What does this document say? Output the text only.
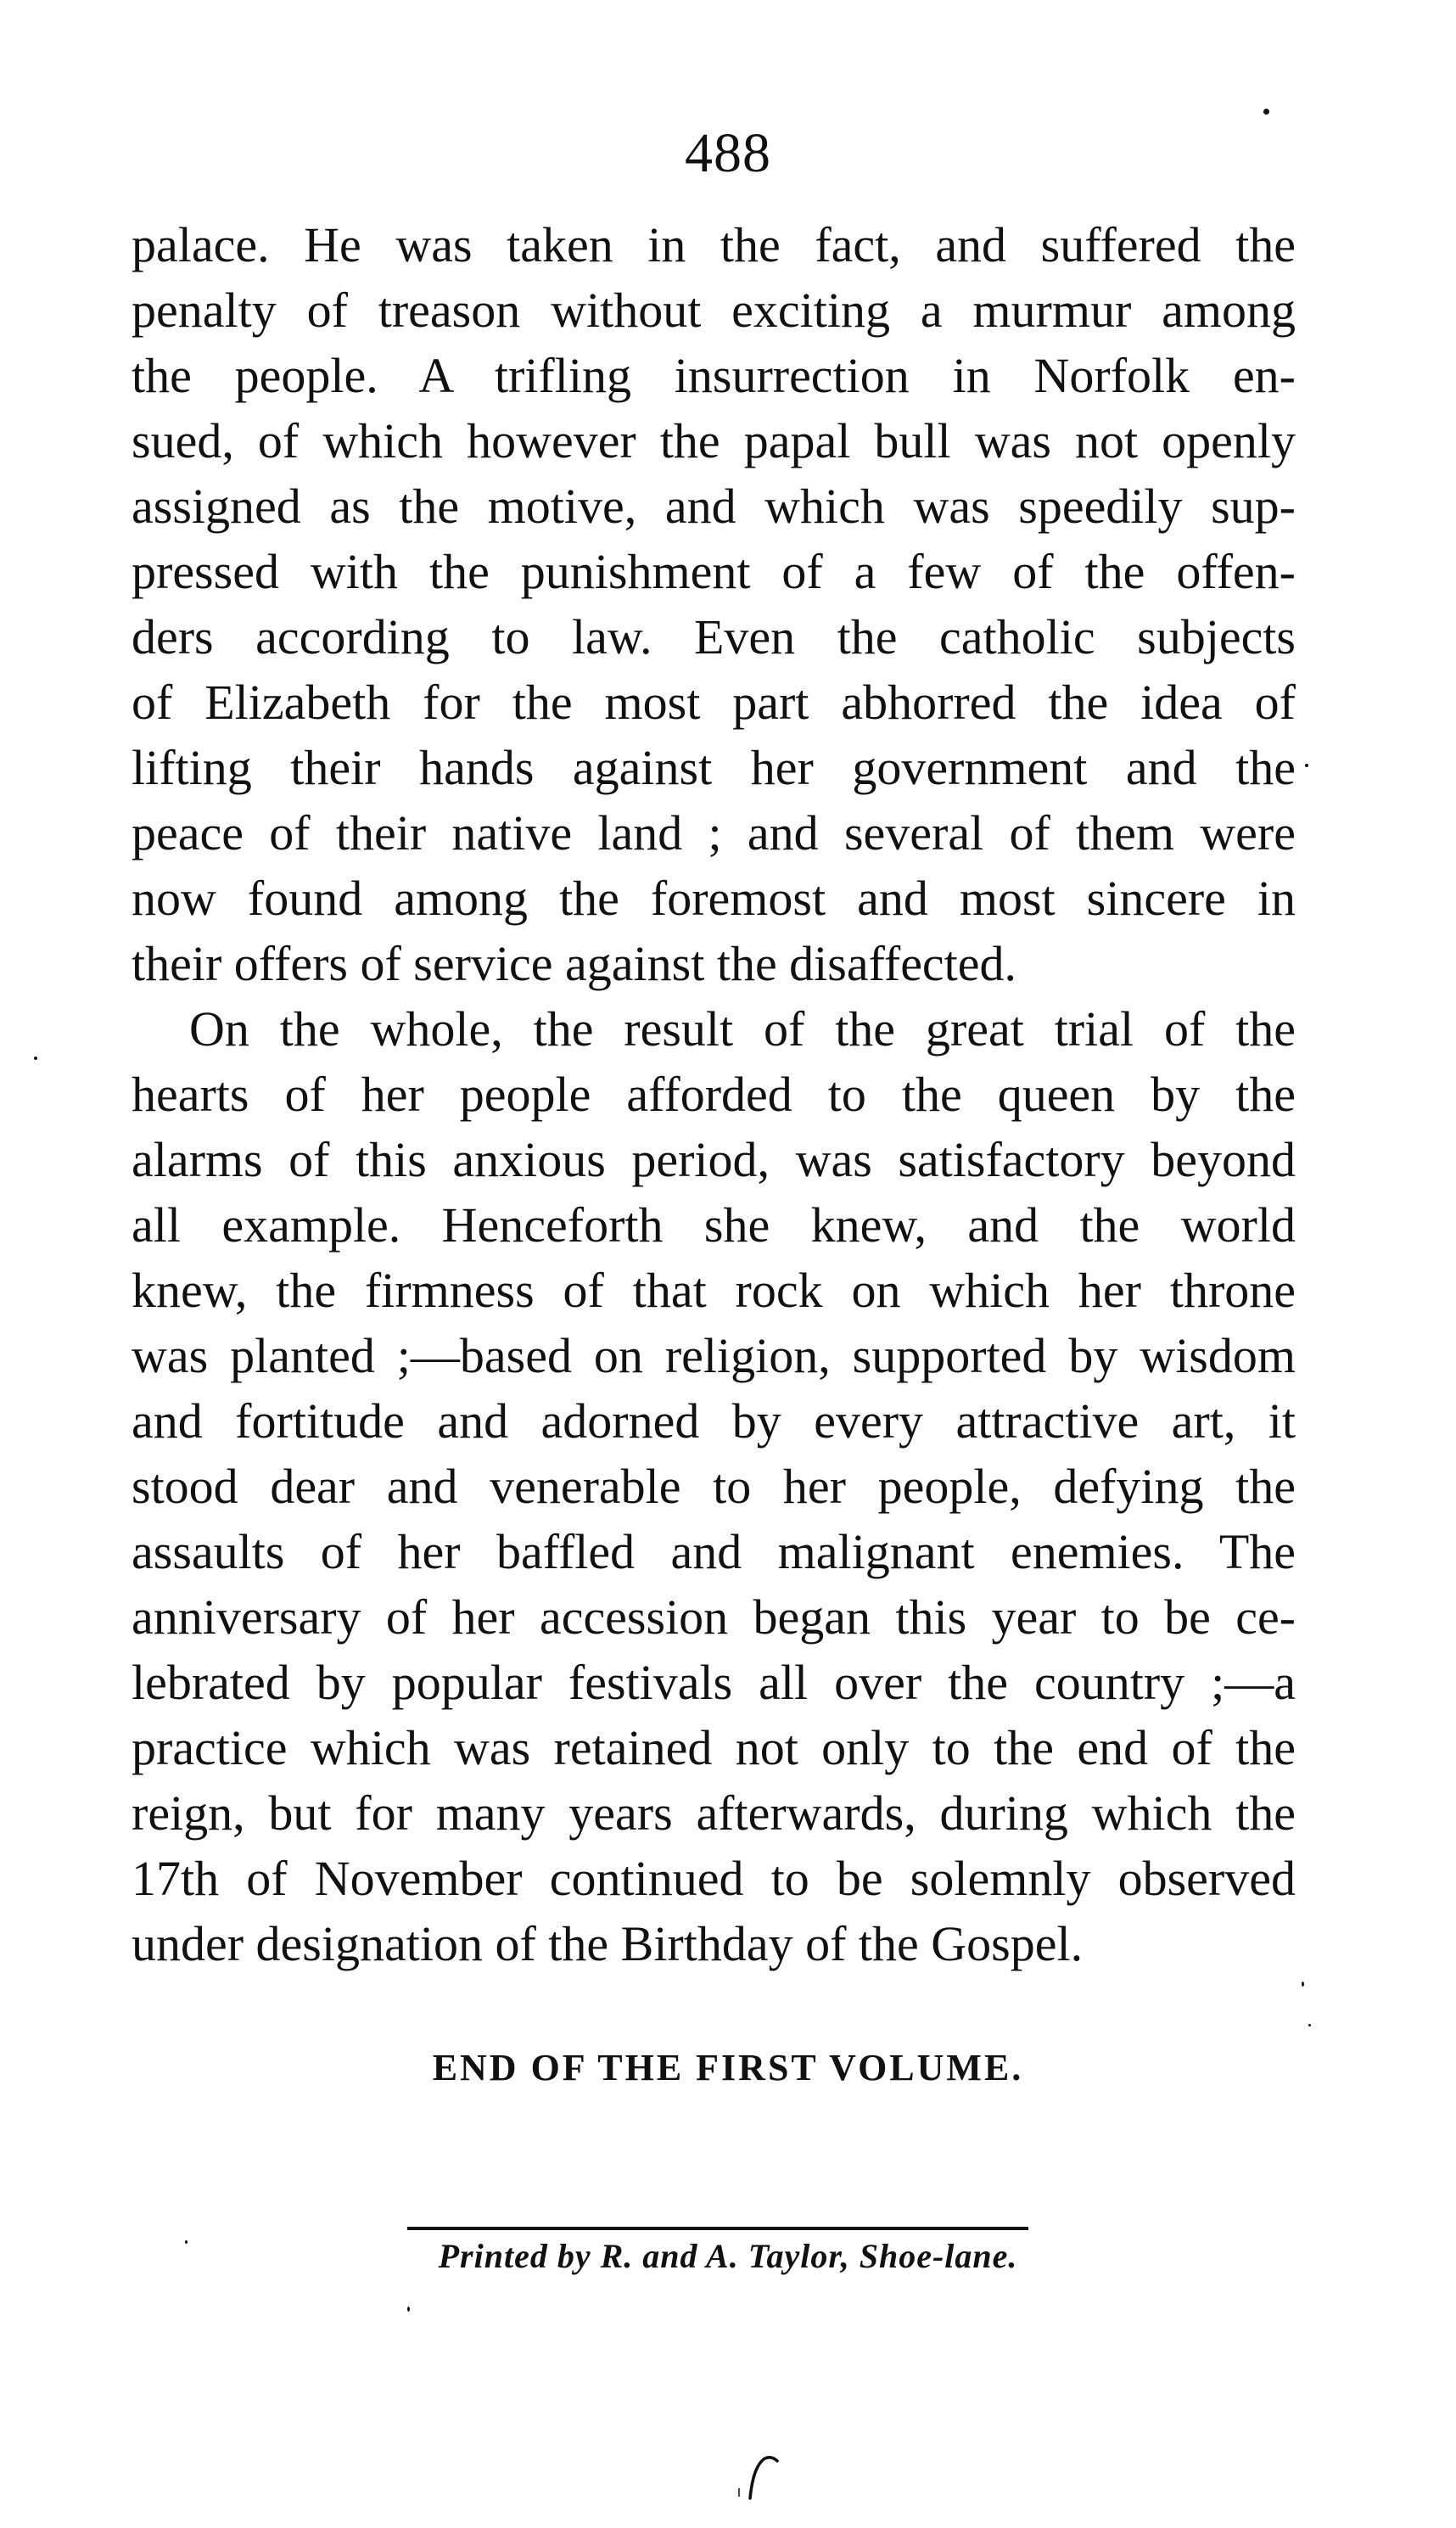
488
palace. He was taken in the fact, and suffered the
penalty of treason without exciting a murmur among
the people. A trifling insurrection in Norfolk en-
sued, of which however the papal bull was not openly
assigned as the motive, and which was speedily sup-
pressed with the punishment of a few of the offen-
ders according to law. Even the catholic subjects
of Elizabeth for the most part abhorred the idea of
lifting their hands against her government and the
peace of their native land ; and several of them were
now found among the foremost and most sincere in
their offers of service against the disaffected.
On the whole, the result of the great trial of the
hearts of her people afforded to the queen by the
alarms of this anxious period, was satisfactory beyond
all example. Henceforth she knew, and the world
knew, the firmness of that rock on which her throne
was planted ;—based on religion, supported by wisdom
and fortitude and adorned by every attractive art, it
stood dear and venerable to her people, defying the
assaults of her baffled and malignant enemies. The
anniversary of her accession began this year to be ce-
lebrated by popular festivals all over the country ;—a
practice which was retained not only to the end of the
reign, but for many years afterwards, during which the
17th of November continued to be solemnly observed
under designation of the Birthday of the Gospel.
END OF THE FIRST VOLUME.
Printed by R. and A. Taylor, Shoe-lane.
